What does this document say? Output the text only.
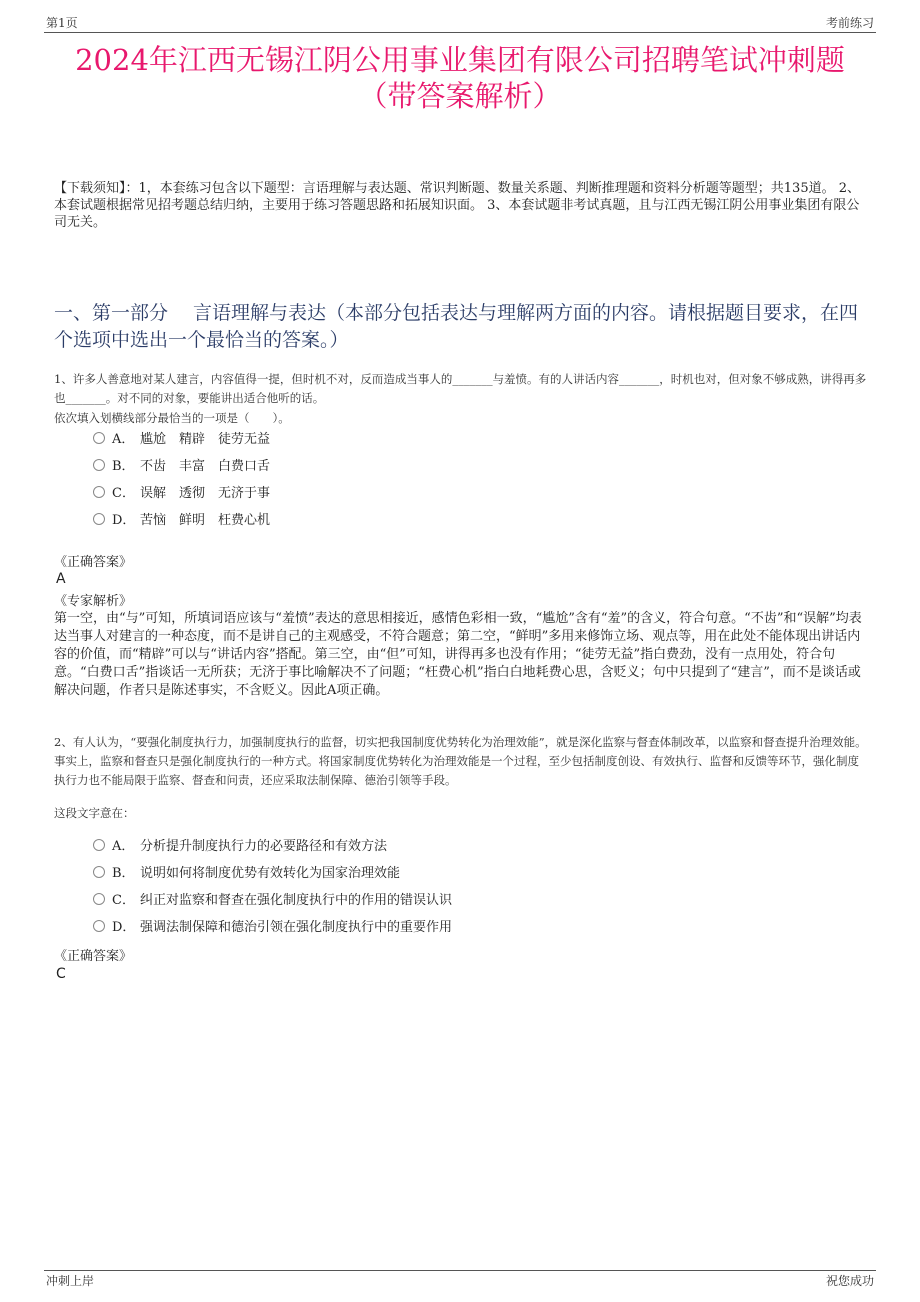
第1页	考前练习
2024年江西无锡江阴公用事业集团有限公司招聘笔试冲刺题
（带答案解析）
【下载须知】：1，本套练习包含以下题型：言语理解与表达题、常识判断题、数量关系题、判断推理题和资料分析题等题型；共135道。 2、本套试题根据常见招考题总结归纳，主要用于练习答题思路和拓展知识面。 3、本套试题非考试真题，且与江西无锡江阴公用事业集团有限公司无关。
一、第一部分　 言语理解与表达（本部分包括表达与理解两方面的内容。请根据题目要求，在四个选项中选出一个最恰当的答案。）
1、许多人善意地对某人建言，内容值得一提，但时机不对，反而造成当事人的_______与羞愤。有的人讲话内容_______，时机也对，但对象不够成熟，讲得再多也_______。对不同的对象，要能讲出适合他听的话。
依次填入划横线部分最恰当的一项是（　　）。
A． 尴尬　精辟　徒劳无益
B． 不齿　丰富　白费口舌
C． 误解　透彻　无济于事
D． 苦恼　鲜明　枉费心机
《正确答案》
A
《专家解析》
第一空，由“与”可知，所填词语应该与“羞愤”表达的意思相接近，感情色彩相一致，“尴尬”含有“羞”的含义，符合句意。“不齿”和“误解”均表达当事人对建言的一种态度，而不是讲自己的主观感受，不符合题意；第二空，“鲜明”多用来修饰立场、观点等，用在此处不能体现出讲话内容的价值，而“精辟”可以与“讲话内容”搭配。第三空，由“但”可知，讲得再多也没有作用；“徒劳无益”指白费劲，没有一点用处，符合句意。“白费口舌”指谈话一无所获；无济于事比喻解决不了问题；“枉费心机”指白白地耗费心思，含贬义；句中只提到了“建言”，而不是谈话或解决问题，作者只是陈述事实，不含贬义。因此A项正确。
2、有人认为，“要强化制度执行力，加强制度执行的监督，切实把我国制度优势转化为治理效能”，就是深化监察与督查体制改革，以监察和督查提升治理效能。事实上，监察和督查只是强化制度执行的一种方式。将国家制度优势转化为治理效能是一个过程，至少包括制度创设、有效执行、监督和反馈等环节，强化制度执行力也不能局限于监察、督查和问责，还应采取法制保障、德治引领等手段。
这段文字意在：
A． 分析提升制度执行力的必要路径和有效方法
B． 说明如何将制度优势有效转化为国家治理效能
C． 纠正对监察和督查在强化制度执行中的作用的错误认识
D． 强调法制保障和德治引领在强化制度执行中的重要作用
《正确答案》
C
冲刺上岸	祝您成功
